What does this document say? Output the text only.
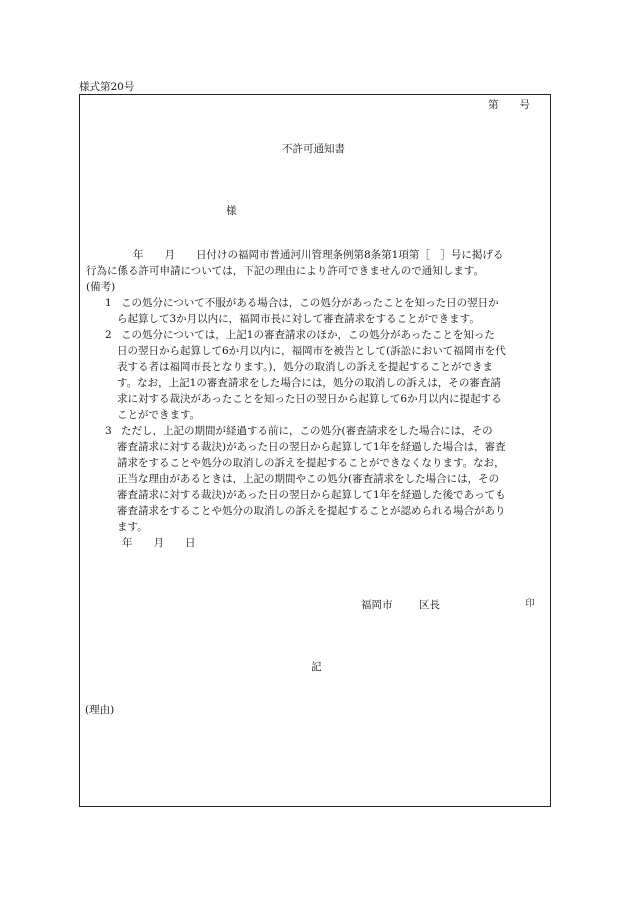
様式第20号
第　　号
不許可通知書
様
年　　月　　日付けの福岡市普通河川管理条例第8条第1項第［　］号に掲げる
行為に係る許可申請については，下記の理由により許可できませんので通知します。
(備考)
1 この処分について不服がある場合は，この処分があったことを知った日の翌日か
ら起算して3か月以内に，福岡市長に対して審査請求をすることができます。
2 この処分については，上記1の審査請求のほか，この処分があったことを知った
日の翌日から起算して6か月以内に，福岡市を被告として(訴訟において福岡市を代
表する者は福岡市長となります。)，処分の取消しの訴えを提起することができま
す。なお，上記1の審査請求をした場合には，処分の取消しの訴えは，その審査請
求に対する裁決があったことを知った日の翌日から起算して6か月以内に提起する
ことができます。
3 ただし，上記の期間が経過する前に，この処分(審査請求をした場合には，その
審査請求に対する裁決)があった日の翌日から起算して1年を経過した場合は，審査
請求をすることや処分の取消しの訴えを提起することができなくなります。なお，
正当な理由があるときは，上記の期間やこの処分(審査請求をした場合には，その
審査請求に対する裁決)があった日の翌日から起算して1年を経過した後であっても
審査請求をすることや処分の取消しの訴えを提起することが認められる場合があり
ます。
年　　月　　日
福岡市	区長	印
記
(理由)
